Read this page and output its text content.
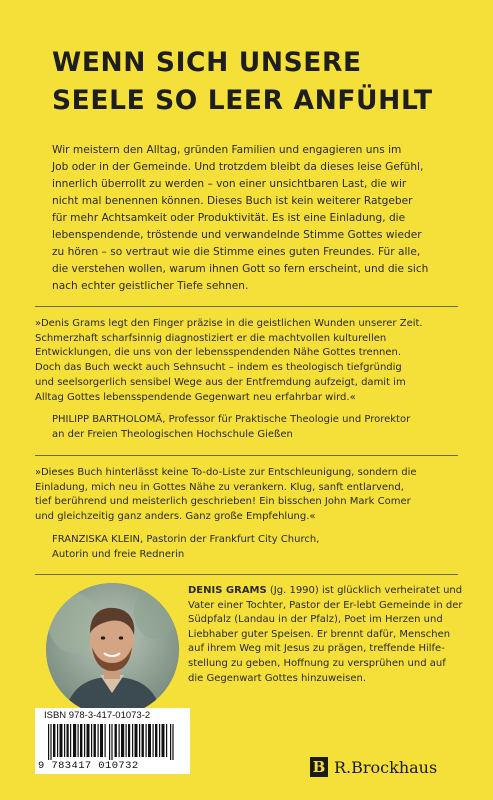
WENN SICH UNSERE
SEELE SO LEER ANFÜHLT
Wir meistern den Alltag, gründen Familien und engagieren uns im
Job oder in der Gemeinde. Und trotzdem bleibt da dieses leise Gefühl,
innerlich überrollt zu werden – von einer unsichtbaren Last, die wir
nicht mal benennen können. Dieses Buch ist kein weiterer Ratgeber
für mehr Achtsamkeit oder Produktivität. Es ist eine Einladung, die
lebenspendende, tröstende und verwandelnde Stimme Gottes wieder
zu hören – so vertraut wie die Stimme eines guten Freundes. Für alle,
die verstehen wollen, warum ihnen Gott so fern erscheint, und die sich
nach echter geistlicher Tiefe sehnen.
»Denis Grams legt den Finger präzise in die geistlichen Wunden unserer Zeit.
Schmerzhaft scharfsinnig diagnostiziert er die machtvollen kulturellen
Entwicklungen, die uns von der lebensspendenden Nähe Gottes trennen.
Doch das Buch weckt auch Sehnsucht – indem es theologisch tiefgründig
und seelsorgerlich sensibel Wege aus der Entfremdung aufzeigt, damit im
Alltag Gottes lebensspendende Gegenwart neu erfahrbar wird.«
PHILIPP BARTHOLOMÄ, Professor für Praktische Theologie und Prorektor
an der Freien Theologischen Hochschule Gießen
»Dieses Buch hinterlässt keine To-do-Liste zur Entschleunigung, sondern die
Einladung, mich neu in Gottes Nähe zu verankern. Klug, sanft entlarvend,
tief berührend und meisterlich geschrieben! Ein bisschen John Mark Comer
und gleichzeitig ganz anders. Ganz große Empfehlung.«
FRANZISKA KLEIN, Pastorin der Frankfurt City Church,
Autorin und freie Rednerin
DENIS GRAMS (Jg. 1990) ist glücklich verheiratet und
Vater einer Tochter, Pastor der Er-lebt Gemeinde in der
Südpfalz (Landau in der Pfalz), Poet im Herzen und
Liebhaber guter Speisen. Er brennt dafür, Menschen
auf ihrem Weg mit Jesus zu prägen, treffende Hilfe-
stellung zu geben, Hoffnung zu versprühen und auf
die Gegenwart Gottes hinzuweisen.
ISBN 978-3-417-01073-2
9 783417 010732	B R.Brockhaus
